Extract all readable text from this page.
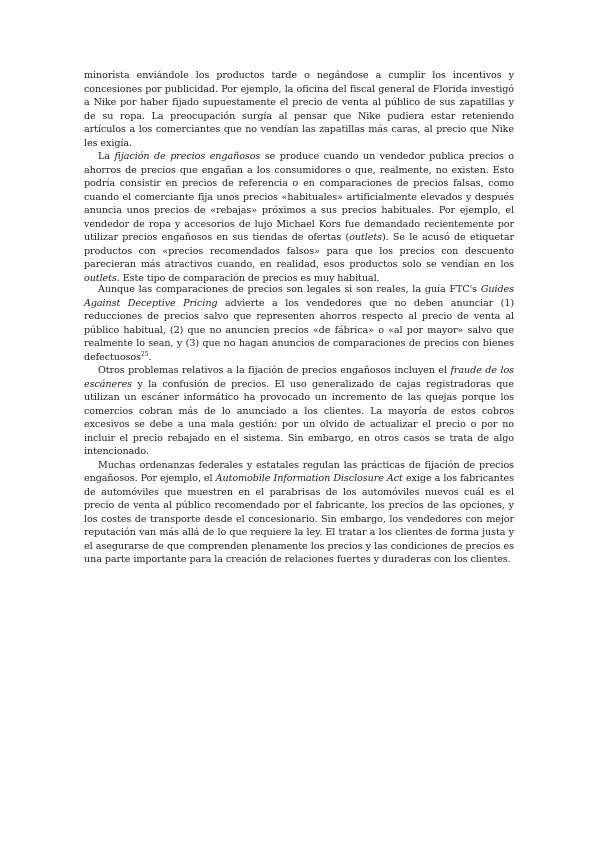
minorista enviándole los productos tarde o negándose a cumplir los incentivos y concesiones por publicidad. Por ejemplo, la oficina del fiscal general de Florida investigó a Nike por haber fijado supuestamente el precio de venta al público de sus zapatillas y de su ropa. La preocupación surgía al pensar que Nike pudiera estar reteniendo artículos a los comerciantes que no vendían las zapatillas más caras, al precio que Nike les exigía.

La fijación de precios engañosos se produce cuando un vendedor publica precios o ahorros de precios que engañan a los consumidores o que, realmente, no existen. Esto podría consistir en precios de referencia o en comparaciones de precios falsas, como cuando el comerciante fija unos precios «habituales» artificialmente elevados y después anuncia unos precios de «rebajas» próximos a sus precios habituales. Por ejemplo, el vendedor de ropa y accesorios de lujo Michael Kors fue demandado recientemente por utilizar precios engañosos en sus tiendas de ofertas (outlets). Se le acusó de etiquetar productos con «precios recomendados falsos» para que los precios con descuento parecieran más atractivos cuando, en realidad, esos productos solo se vendían en los outlets. Este tipo de comparación de precios es muy habitual.

Aunque las comparaciones de precios son legales si son reales, la guía FTC's Guides Against Deceptive Pricing advierte a los vendedores que no deben anunciar (1) reducciones de precios salvo que representen ahorros respecto al precio de venta al público habitual, (2) que no anuncien precios «de fábrica» o «al por mayor» salvo que realmente lo sean, y (3) que no hagan anuncios de comparaciones de precios con bienes defectuosos$^{25}$.

Otros problemas relativos a la fijación de precios engañosos incluyen el fraude de los escáneres y la confusión de precios. El uso generalizado de cajas registradoras que utilizan un escáner informático ha provocado un incremento de las quejas porque los comercios cobran más de lo anunciado a los clientes. La mayoría de estos cobros excesivos se debe a una mala gestión: por un olvido de actualizar el precio o por no incluir el precio rebajado en el sistema. Sin embargo, en otros casos se trata de algo intencionado.

Muchas ordenanzas federales y estatales regulan las prácticas de fijación de precios engañosos. Por ejemplo, el Automobile Information Disclosure Act exige a los fabricantes de automóviles que muestren en el parabrisas de los automóviles nuevos cuál es el precio de venta al público recomendado por el fabricante, los precios de las opciones, y los costes de transporte desde el concesionario. Sin embargo, los vendedores con mejor reputación van más allá de lo que requiere la ley. El tratar a los clientes de forma justa y el asegurarse de que comprenden plenamente los precios y las condiciones de precios es una parte importante para la creación de relaciones fuertes y duraderas con los clientes.
